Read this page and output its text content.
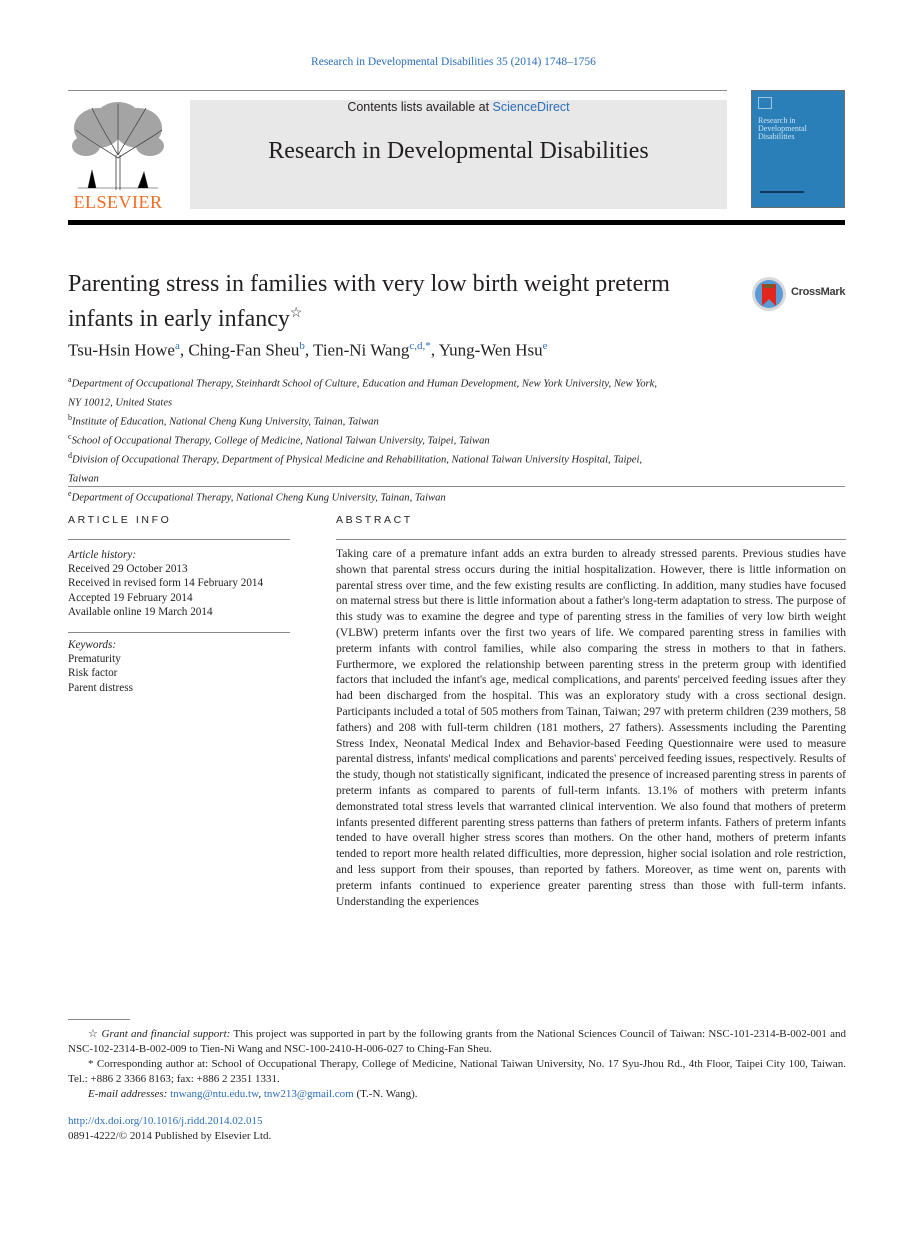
Research in Developmental Disabilities 35 (2014) 1748–1756
ELSEVIER
Contents lists available at ScienceDirect
Research in Developmental Disabilities
Research in Developmental Disabilities
Parenting stress in families with very low birth weight preterm infants in early infancy☆
CrossMark
Tsu-Hsin Howe$^a$, Ching-Fan Sheu$^b$, Tien-Ni Wang$^{c,d,*}$, Yung-Wen Hsu$^e$
$^a$Department of Occupational Therapy, Steinhardt School of Culture, Education and Human Development, New York University, New York,
NY 10012, United States
$^b$Institute of Education, National Cheng Kung University, Tainan, Taiwan
$^c$School of Occupational Therapy, College of Medicine, National Taiwan University, Taipei, Taiwan
$^d$Division of Occupational Therapy, Department of Physical Medicine and Rehabilitation, National Taiwan University Hospital, Taipei,
Taiwan
$^e$Department of Occupational Therapy, National Cheng Kung University, Tainan, Taiwan
ARTICLE INFO
Article history:
Received 29 October 2013
Received in revised form 14 February 2014
Accepted 19 February 2014
Available online 19 March 2014
Keywords:
Prematurity
Risk factor
Parent distress
ABSTRACT
Taking care of a premature infant adds an extra burden to already stressed parents. Previous studies have shown that parental stress occurs during the initial hospitalization. However, there is little information on parental stress over time, and the few existing results are conflicting. In addition, many studies have focused on maternal stress but there is little information about a father's long-term adaptation to stress. The purpose of this study was to examine the degree and type of parenting stress in the families of very low birth weight (VLBW) preterm infants over the first two years of life. We compared parenting stress in families with preterm infants with control families, while also comparing the stress in mothers to that in fathers. Furthermore, we explored the relationship between parenting stress in the preterm group with identified factors that included the infant's age, medical complications, and parents' perceived feeding issues after they had been discharged from the hospital. This was an exploratory study with a cross sectional design. Participants included a total of 505 mothers from Tainan, Taiwan; 297 with preterm children (239 mothers, 58 fathers) and 208 with full-term children (181 mothers, 27 fathers). Assessments including the Parenting Stress Index, Neonatal Medical Index and Behavior-based Feeding Questionnaire were used to measure parental distress, infants' medical complications and parents' perceived feeding issues, respectively. Results of the study, though not statistically significant, indicated the presence of increased parenting stress in parents of preterm infants as compared to parents of full-term infants. 13.1% of mothers with preterm infants demonstrated total stress levels that warranted clinical intervention. We also found that mothers of preterm infants presented different parenting stress patterns than fathers of preterm infants. Fathers of preterm infants tended to have overall higher stress scores than mothers. On the other hand, mothers of preterm infants tended to report more health related difficulties, more depression, higher social isolation and role restriction, and less support from their spouses, than reported by fathers. Moreover, as time went on, parents with preterm infants continued to experience greater parenting stress than those with full-term infants. Understanding the experiences
☆ Grant and financial support: This project was supported in part by the following grants from the National Sciences Council of Taiwan: NSC-101-2314-B-002-001 and NSC-102-2314-B-002-009 to Tien-Ni Wang and NSC-100-2410-H-006-027 to Ching-Fan Sheu.
* Corresponding author at: School of Occupational Therapy, College of Medicine, National Taiwan University, No. 17 Syu-Jhou Rd., 4th Floor, Taipei City 100, Taiwan. Tel.: +886 2 3366 8163; fax: +886 2 2351 1331.
E-mail addresses: tnwang@ntu.edu.tw, tnw213@gmail.com (T.-N. Wang).
http://dx.doi.org/10.1016/j.ridd.2014.02.015
0891-4222/© 2014 Published by Elsevier Ltd.
